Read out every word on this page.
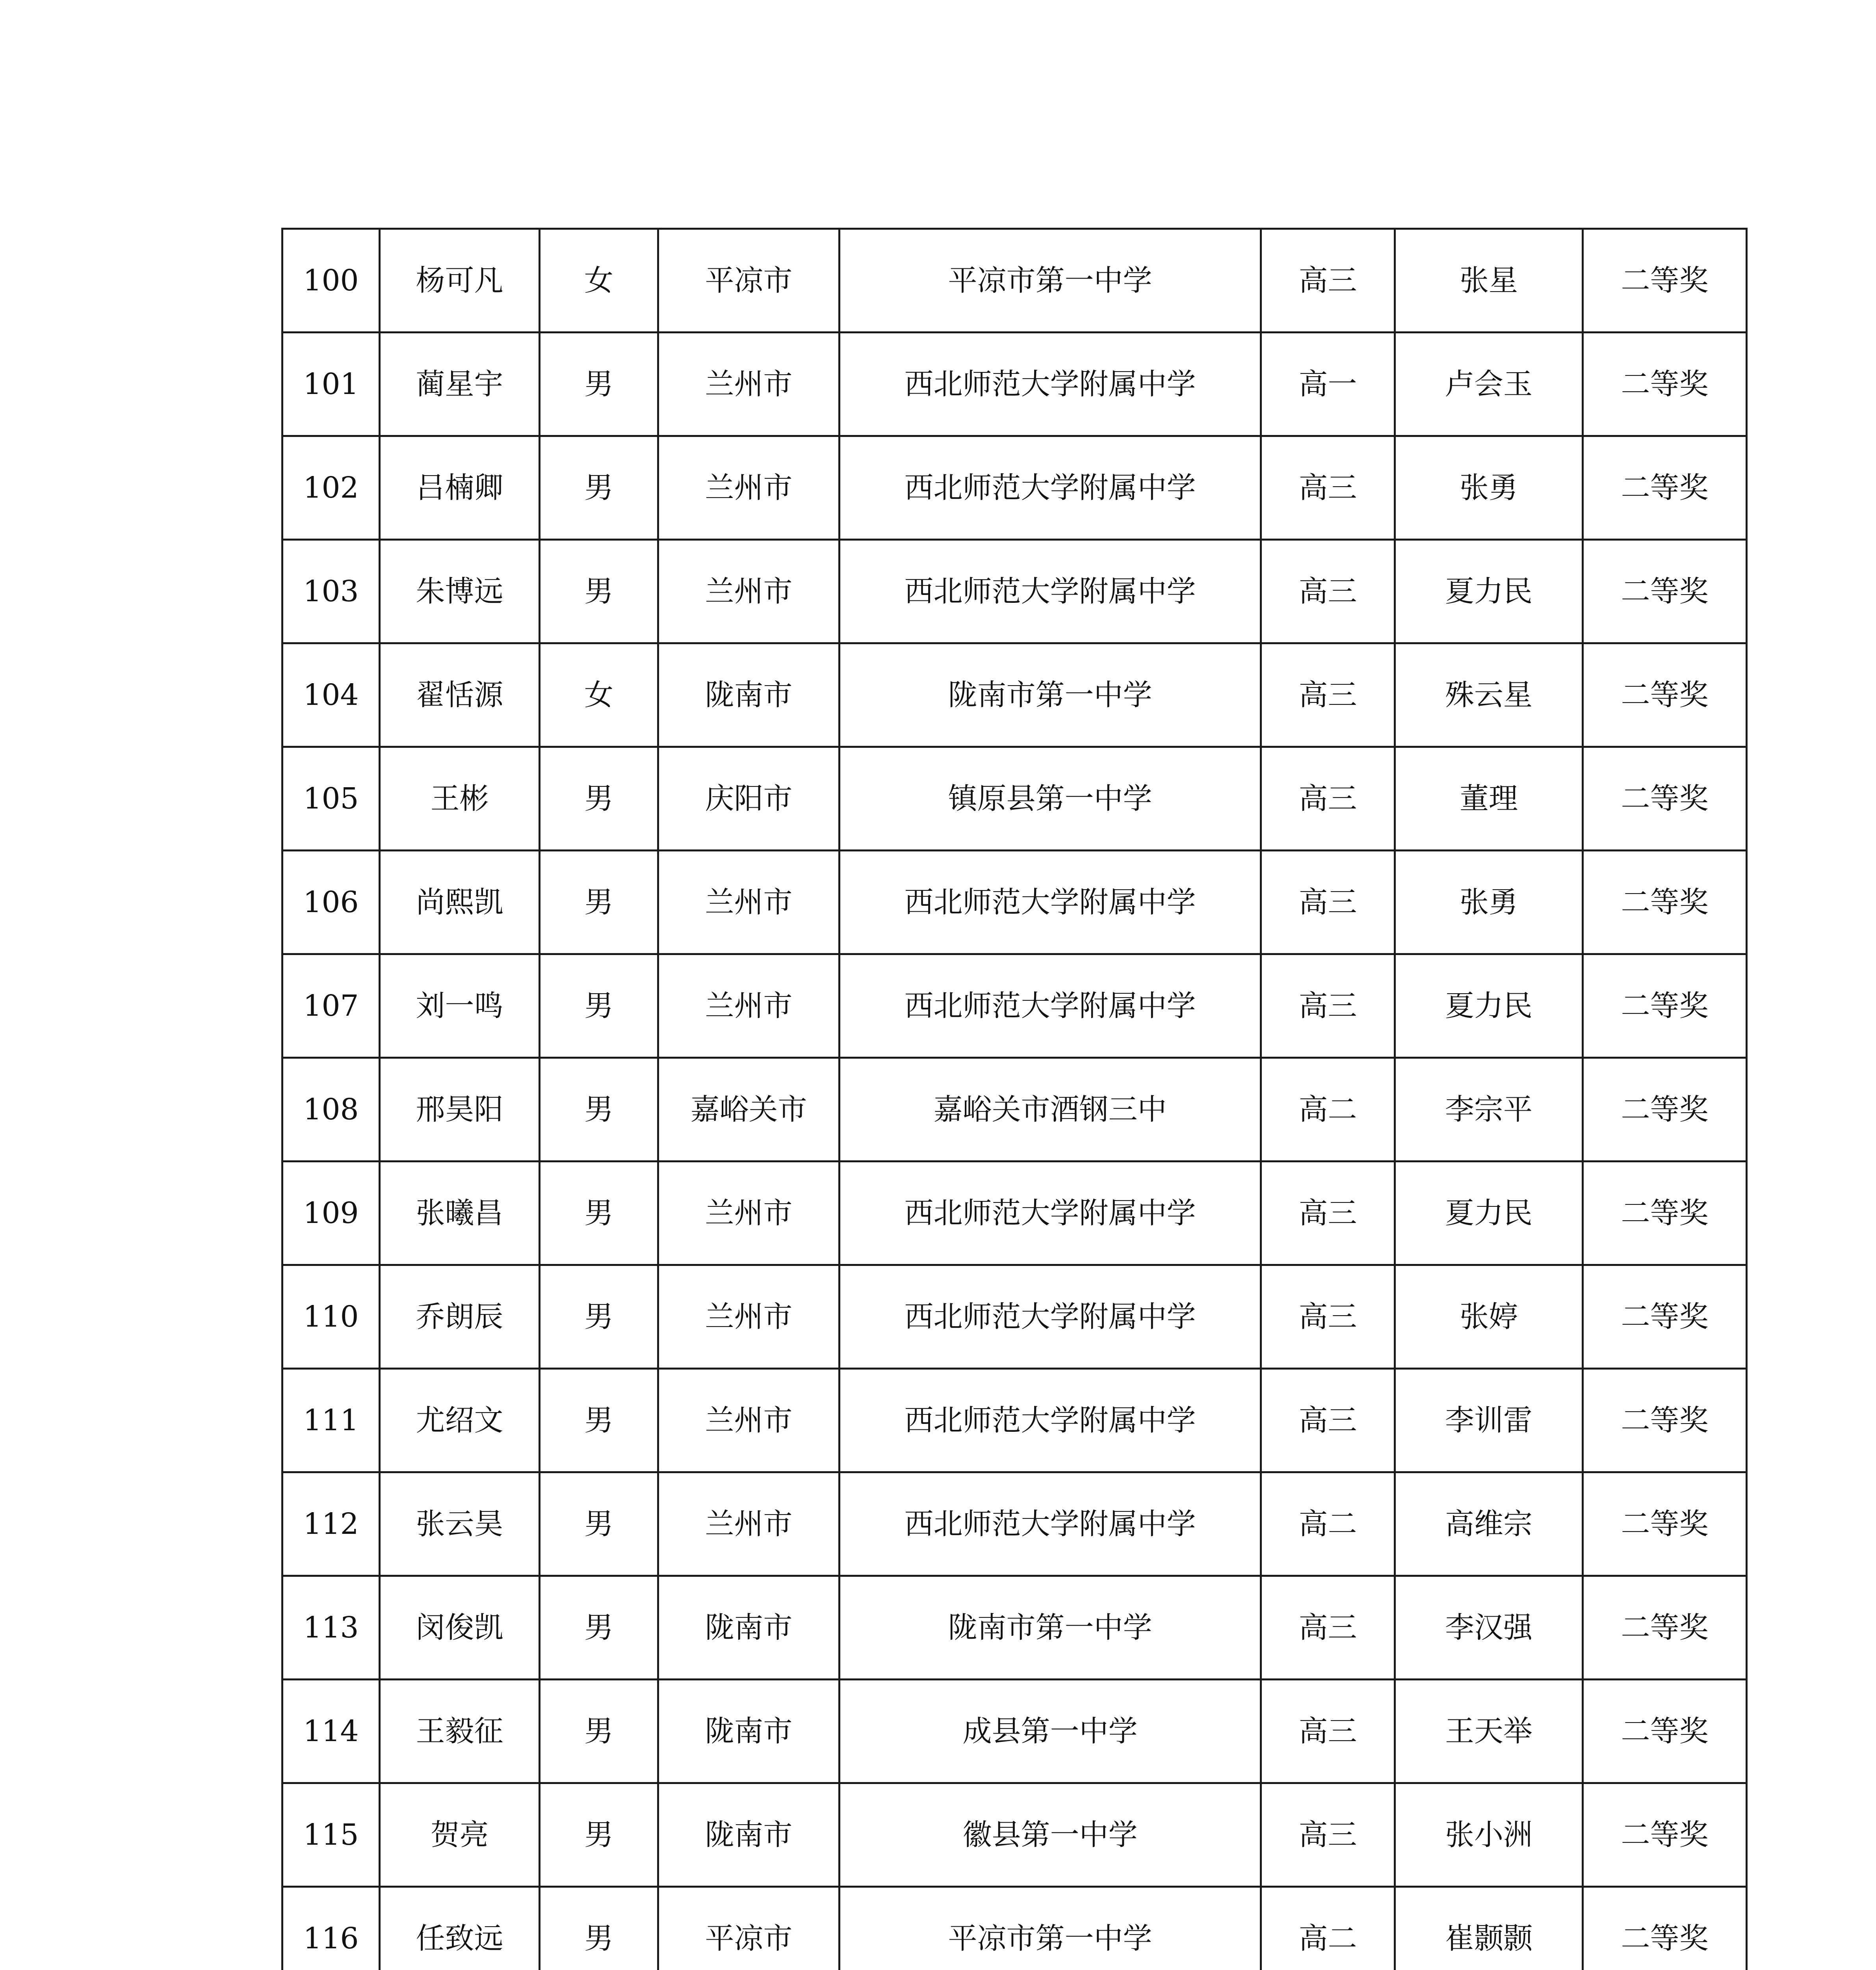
100	杨可凡	女	平凉市	平凉市第一中学	高三	张星	二等奖
101	蔺星宇	男	兰州市	西北师范大学附属中学	高一	卢会玉	二等奖
102	吕楠卿	男	兰州市	西北师范大学附属中学	高三	张勇	二等奖
103	朱博远	男	兰州市	西北师范大学附属中学	高三	夏力民	二等奖
104	翟恬源	女	陇南市	陇南市第一中学	高三	殊云星	二等奖
105	王彬	男	庆阳市	镇原县第一中学	高三	董理	二等奖
106	尚熙凯	男	兰州市	西北师范大学附属中学	高三	张勇	二等奖
107	刘一鸣	男	兰州市	西北师范大学附属中学	高三	夏力民	二等奖
108	邢昊阳	男	嘉峪关市	嘉峪关市酒钢三中	高二	李宗平	二等奖
109	张曦昌	男	兰州市	西北师范大学附属中学	高三	夏力民	二等奖
110	乔朗辰	男	兰州市	西北师范大学附属中学	高三	张婷	二等奖
111	尤绍文	男	兰州市	西北师范大学附属中学	高三	李训雷	二等奖
112	张云昊	男	兰州市	西北师范大学附属中学	高二	高维宗	二等奖
113	闵俊凯	男	陇南市	陇南市第一中学	高三	李汉强	二等奖
114	王毅征	男	陇南市	成县第一中学	高三	王天举	二等奖
115	贺亮	男	陇南市	徽县第一中学	高三	张小洲	二等奖
116	任致远	男	平凉市	平凉市第一中学	高二	崔颢颢	二等奖
